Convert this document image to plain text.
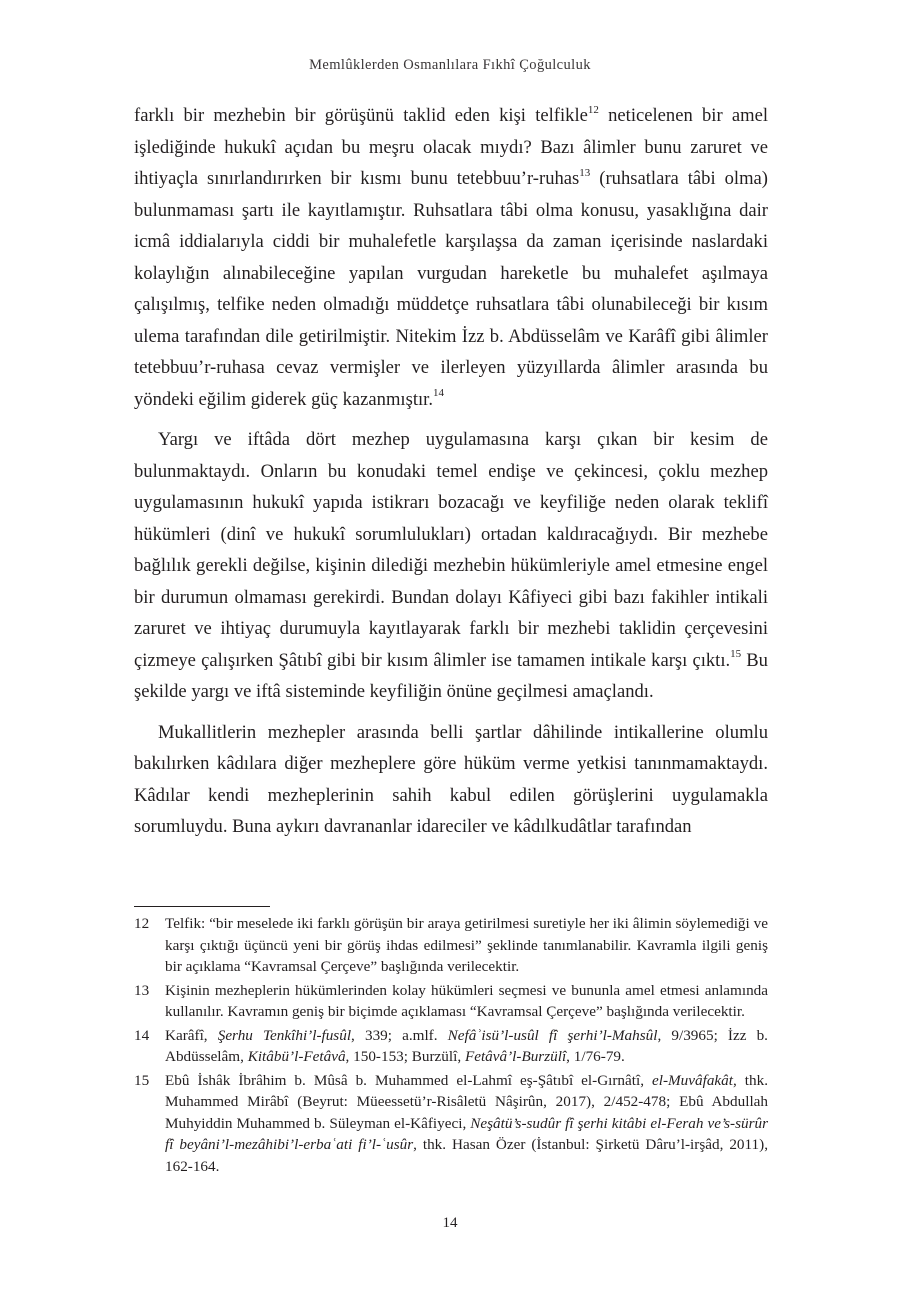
Memlûklerden Osmanlılara Fıkhî Çoğulculuk

farklı bir mezhebin bir görüşünü taklid eden kişi telfikle$^{12}$ neticelenen bir amel işlediğinde hukukî açıdan bu meşru olacak mıydı? Bazı âlimler bunu zaruret ve ihtiyaçla sınırlandırırken bir kısmı bunu tetebbuu’r-ruhas$^{13}$ (ruhsatlara tâbi olma) bulunmaması şartı ile kayıtlamıştır. Ruhsatlara tâbi olma konusu, yasaklığına dair icmâ iddialarıyla ciddi bir muhalefetle karşılaşsa da zaman içerisinde naslardaki kolaylığın alınabileceğine yapılan vurgudan hareketle bu muhalefet aşılmaya çalışılmış, telfike neden olmadığı müddetçe ruhsatlara tâbi olunabileceği bir kısım ulema tarafından dile getirilmiştir. Nitekim İzz b. Abdüsselâm ve Karâfî gibi âlimler tetebbuu’r-ruhasa cevaz vermişler ve ilerleyen yüzyıllarda âlimler arasında bu yöndeki eğilim giderek güç kazanmıştır.$^{14}$

Yargı ve iftâda dört mezhep uygulamasına karşı çıkan bir kesim de bulunmaktaydı. Onların bu konudaki temel endişe ve çekincesi, çoklu mezhep uygulamasının hukukî yapıda istikrarı bozacağı ve keyfiliğe neden olarak teklifî hükümleri (dinî ve hukukî sorumlulukları) ortadan kaldıracağıydı. Bir mezhebe bağlılık gerekli değilse, kişinin dilediği mezhebin hükümleriyle amel etmesine engel bir durumun olmaması gerekirdi. Bundan dolayı Kâfiyeci gibi bazı fakihler intikali zaruret ve ihtiyaç durumuyla kayıtlayarak farklı bir mezhebi taklidin çerçevesini çizmeye çalışırken Şâtıbî gibi bir kısım âlimler ise tamamen intikale karşı çıktı.$^{15}$ Bu şekilde yargı ve iftâ sisteminde keyfiliğin önüne geçilmesi amaçlandı.

Mukallitlerin mezhepler arasında belli şartlar dâhilinde intikallerine olumlu bakılırken kâdılara diğer mezheplere göre hüküm verme yetkisi tanınmamaktaydı. Kâdılar kendi mezheplerinin sahih kabul edilen görüşlerini uygulamakla sorumluydu. Buna aykırı davrananlar idareciler ve kâdılkudâtlar tarafından

12	Telfik: “bir meselede iki farklı görüşün bir araya getirilmesi suretiyle her iki âlimin söylemediği ve karşı çıktığı üçüncü yeni bir görüş ihdas edilmesi” şeklinde tanımlanabilir. Kavramla ilgili geniş bir açıklama “Kavramsal Çerçeve” başlığında verilecektir.
13	Kişinin mezheplerin hükümlerinden kolay hükümleri seçmesi ve bununla amel etmesi anlamında kullanılır. Kavramın geniş bir biçimde açıklaması “Kavramsal Çerçeve” başlığında verilecektir.
14	Karâfî, Şerhu Tenkîhi’l-fusûl, 339; a.mlf. Nefâʾisü’l-usûl fî şerhi’l-Mahsûl, 9/3965; İzz b. Abdüsselâm, Kitâbü’l-Fetâvâ, 150-153; Burzülî, Fetâvâ’l-Burzülî, 1/76-79.
15	Ebû İshâk İbrâhim b. Mûsâ b. Muhammed el-Lahmî eş-Şâtıbî el-Gırnâtî, el-Muvâfakât, thk. Muhammed Mirâbî (Beyrut: Müeessetü’r-Risâletü Nâşirûn, 2017), 2/452-478; Ebû Abdullah Muhyiddin Muhammed b. Süleyman el-Kâfiyeci, Neşâtü’s-sudûr fî şerhi kitâbi el-Ferah ve’s-sürûr fî beyâni’l-mezâhibi’l-erbaʿati fi’l-ʿusûr, thk. Hasan Özer (İstanbul: Şirketü Dâru’l-irşâd, 2011), 162-164.
14
